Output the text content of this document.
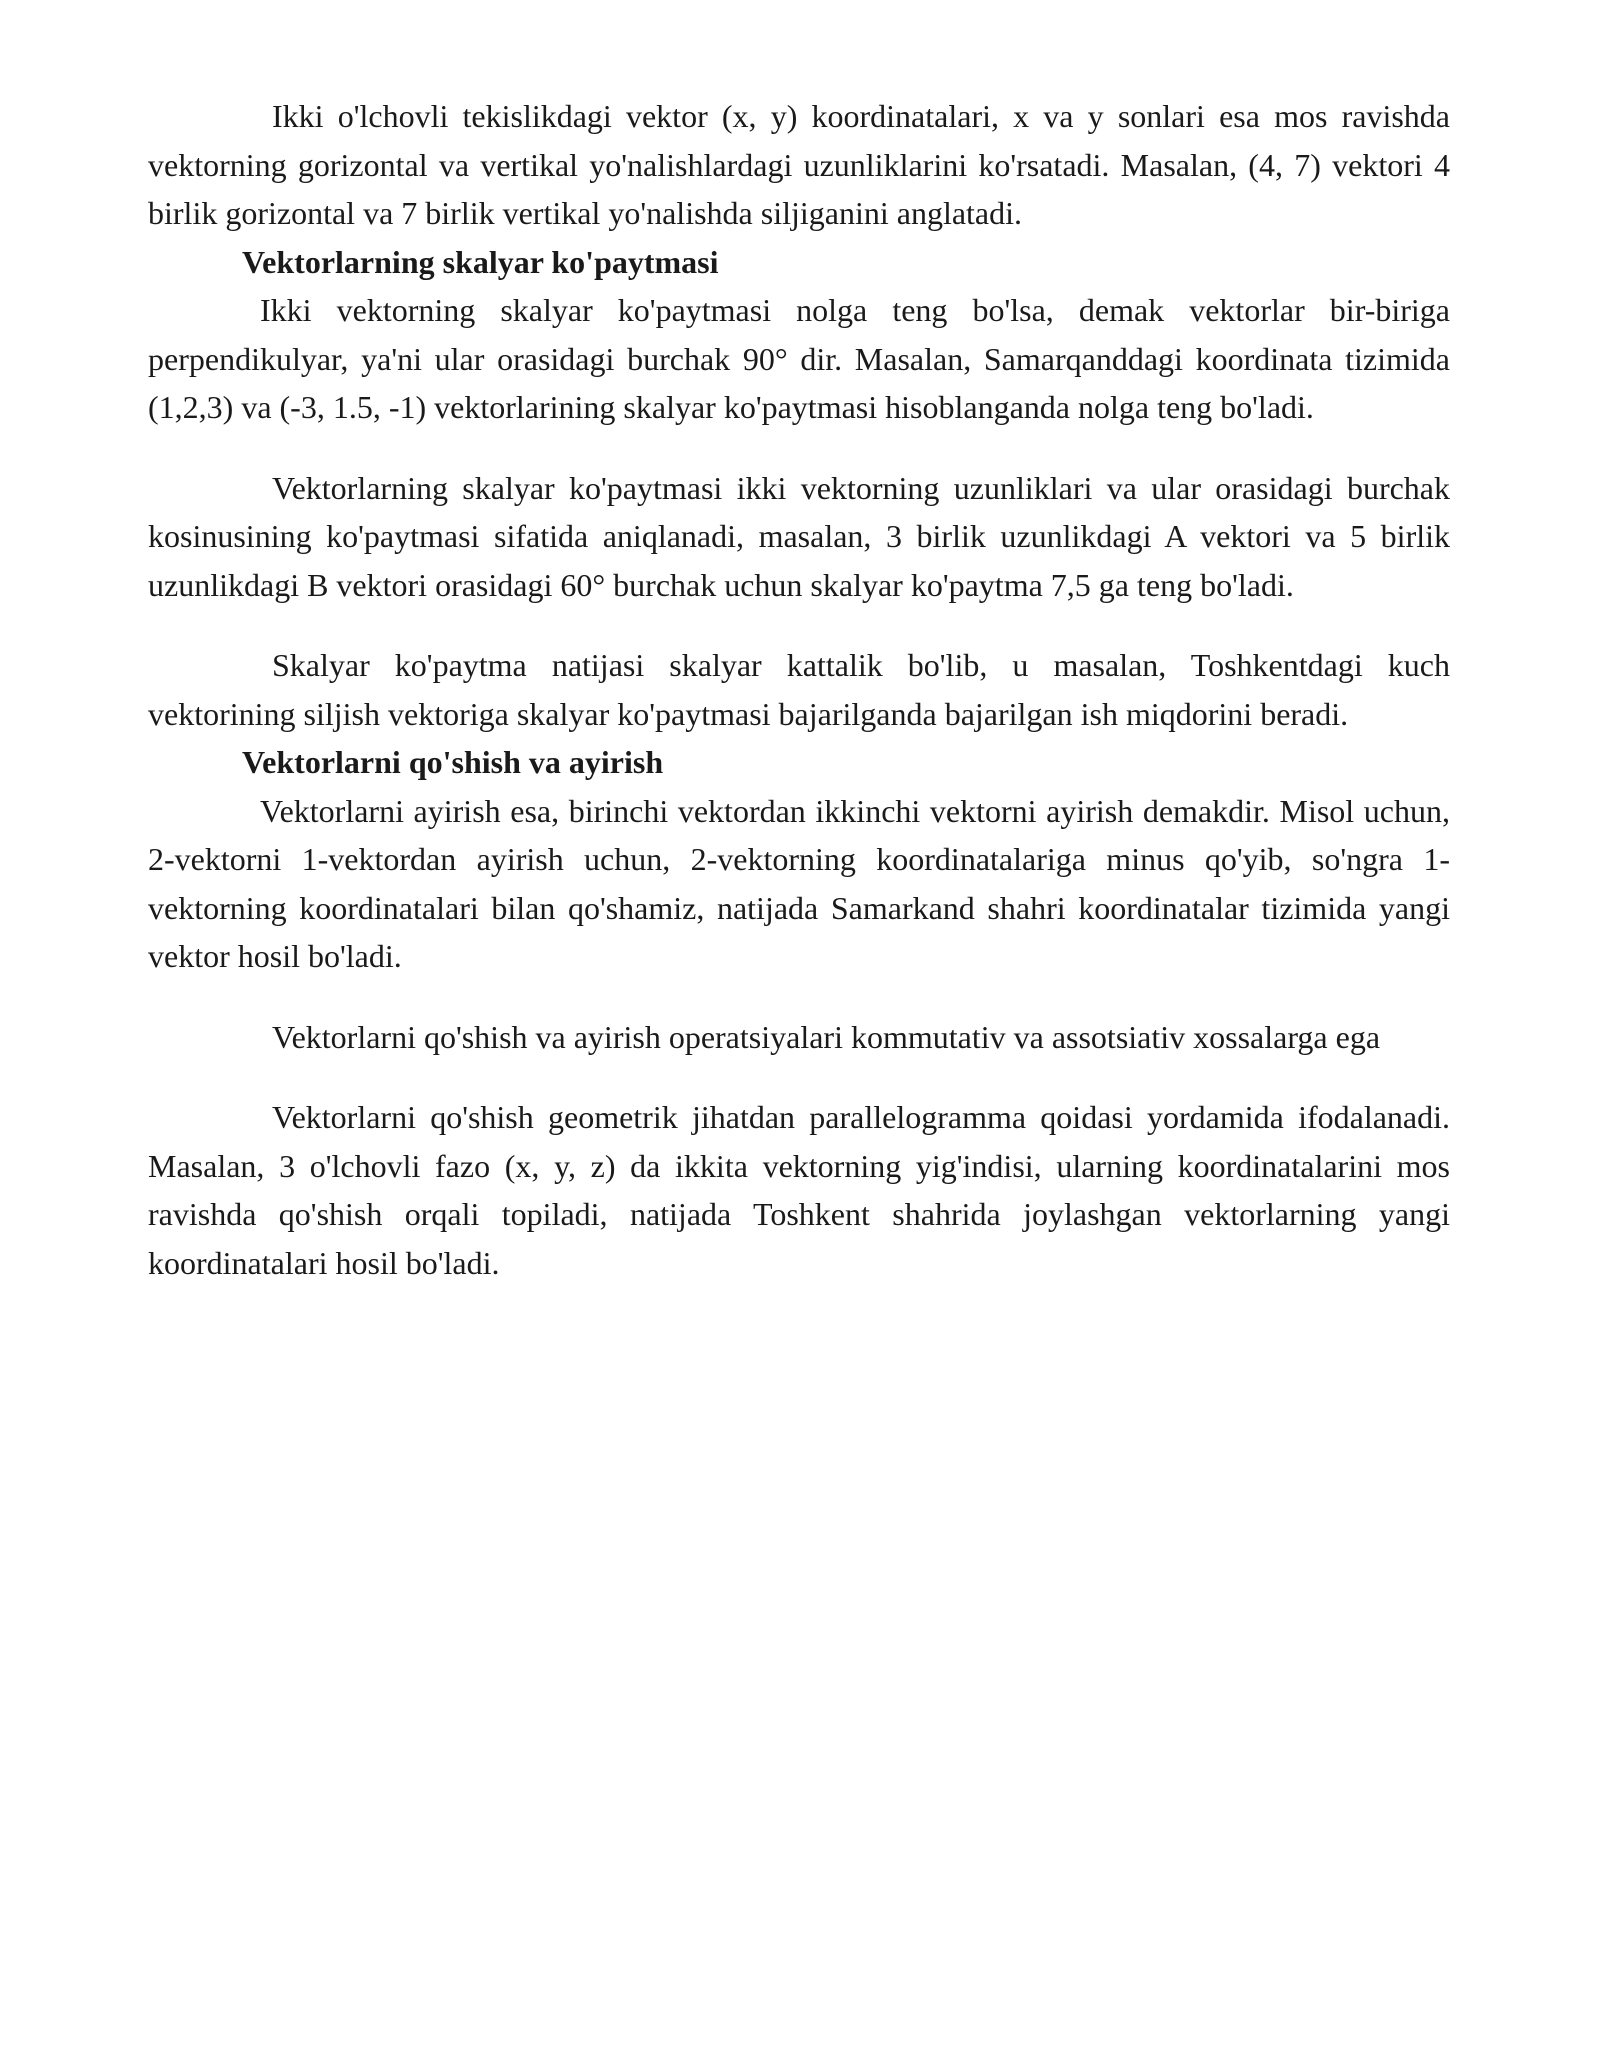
Ikki o'lchovli tekislikdagi vektor (x, y) koordinatalari, x va y sonlari esa mos ravishda vektorning gorizontal va vertikal yo'nalishlardagi uzunliklarini ko'rsatadi. Masalan, (4, 7) vektori 4 birlik gorizontal va 7 birlik vertikal yo'nalishda siljiganini anglatadi.

Vektorlarning skalyar ko'paytmasi

Ikki vektorning skalyar ko'paytmasi nolga teng bo'lsa, demak vektorlar bir-biriga perpendikulyar, ya'ni ular orasidagi burchak 90° dir. Masalan, Samarqanddagi koordinata tizimida (1,2,3) va (-3, 1.5, -1) vektorlarining skalyar ko'paytmasi hisoblanganda nolga teng bo'ladi.

Vektorlarning skalyar ko'paytmasi ikki vektorning uzunliklari va ular orasidagi burchak kosinusining ko'paytmasi sifatida aniqlanadi, masalan, 3 birlik uzunlikdagi A vektori va 5 birlik uzunlikdagi B vektori orasidagi 60° burchak uchun skalyar ko'paytma 7,5 ga teng bo'ladi.

Skalyar ko'paytma natijasi skalyar kattalik bo'lib, u masalan, Toshkentdagi kuch vektorining siljish vektoriga skalyar ko'paytmasi bajarilganda bajarilgan ish miqdorini beradi.

Vektorlarni qo'shish va ayirish

Vektorlarni ayirish esa, birinchi vektordan ikkinchi vektorni ayirish demakdir. Misol uchun, 2-vektorni 1-vektordan ayirish uchun, 2-vektorning koordinatalariga minus qo'yib, so'ngra 1-vektorning koordinatalari bilan qo'shamiz, natijada Samarkand shahri koordinatalar tizimida yangi vektor hosil bo'ladi.

Vektorlarni qo'shish va ayirish operatsiyalari kommutativ va assotsiativ xossalarga ega

Vektorlarni qo'shish geometrik jihatdan parallelogramma qoidasi yordamida ifodalanadi. Masalan, 3 o'lchovli fazo (x, y, z) da ikkita vektorning yig'indisi, ularning koordinatalarini mos ravishda qo'shish orqali topiladi, natijada Toshkent shahrida joylashgan vektorlarning yangi koordinatalari hosil bo'ladi.
